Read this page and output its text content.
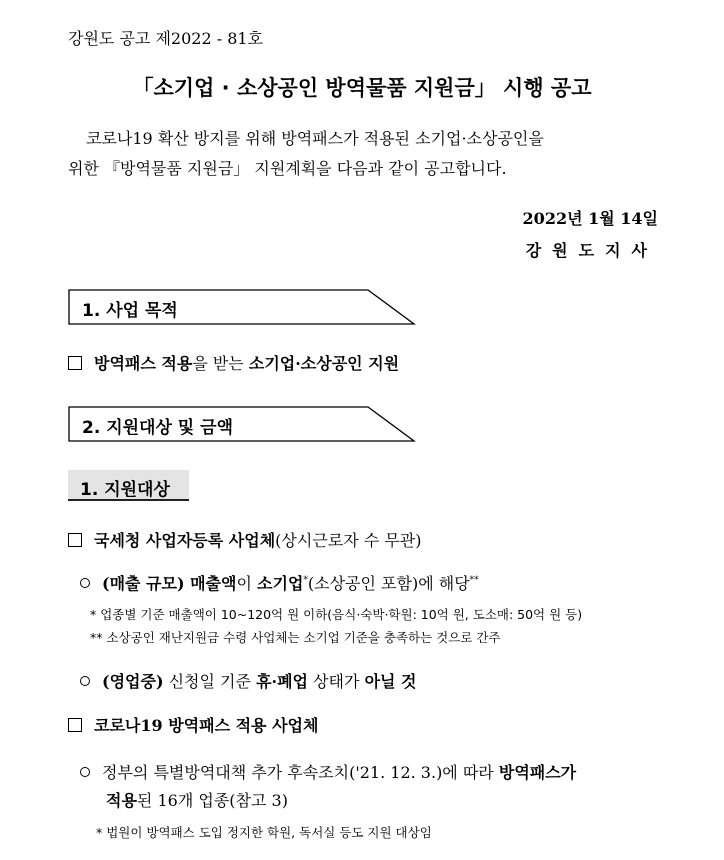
강원도 공고 제2022 - 81호
「소기업 · 소상공인 방역물품 지원금」 시행 공고
코로나19 확산 방지를 위해 방역패스가 적용된 소기업·소상공인을
위한 『방역물품 지원금」 지원계획을 다음과 같이 공고합니다.
2022년 1월 14일
강원도지사
1. 사업 목적
방역패스 적용을 받는 소기업·소상공인 지원
2. 지원대상 및 금액
1. 지원대상
국세청 사업자등록 사업체(상시근로자 수 무관)
(매출 규모) 매출액이 소기업*(소상공인 포함)에 해당**
* 업종별 기준 매출액이 10~120억 원 이하(음식·숙박·학원: 10억 원, 도소매: 50억 원 등)
** 소상공인 재난지원금 수령 사업체는 소기업 기준을 충족하는 것으로 간주
(영업중) 신청일 기준 휴·폐업 상태가 아닐 것
코로나19 방역패스 적용 사업체
정부의 특별방역대책 추가 후속조치('21. 12. 3.)에 따라 방역패스가
적용된 16개 업종(참고 3)
* 법원이 방역패스 도입 정지한 학원, 독서실 등도 지원 대상임
